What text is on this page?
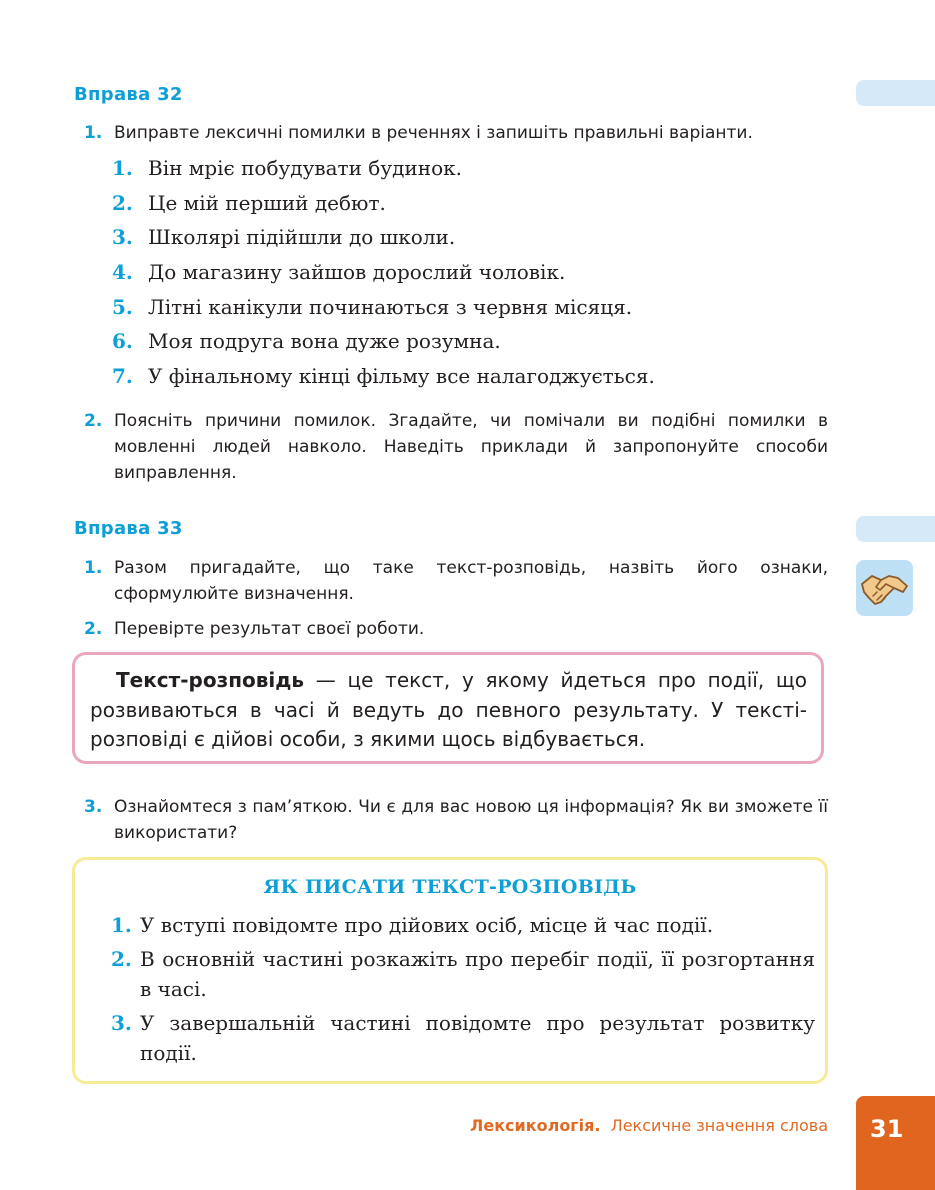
Вправа 32
1. Виправте лексичні помилки в реченнях і запишіть правильні варіанти.
1. Він мріє побудувати будинок.
2. Це мій перший дебют.
3. Школярі підійшли до школи.
4. До магазину зайшов дорослий чоловік.
5. Літні канікули починаються з червня місяця.
6. Моя подруга вона дуже розумна.
7. У фінальному кінці фільму все налагоджується.
2. Поясніть причини помилок. Згадайте, чи помічали ви подібні помилки в мовленні людей навколо. Наведіть приклади й запропонуйте способи виправлення.
Вправа 33
1. Разом пригадайте, що таке текст-розповідь, назвіть його ознаки, сформулюйте визначення.
2. Перевірте результат своєї роботи.
Текст-розповідь — це текст, у якому йдеться про події, що розвиваються в часі й ведуть до певного результату. У тексті-розповіді є дійові особи, з якими щось відбувається.
3. Ознайомтеся з пам’яткою. Чи є для вас новою ця інформація? Як ви зможете її використати?
ЯК ПИСАТИ ТЕКСТ-РОЗПОВІДЬ
1. У вступі повідомте про дійових осіб, місце й час події.
2. В основній частині розкажіть про перебіг події, її розгортання в часі.
3. У завершальній частині повідомте про результат розвитку події.
Лексикологія. Лексичне значення слова	31
